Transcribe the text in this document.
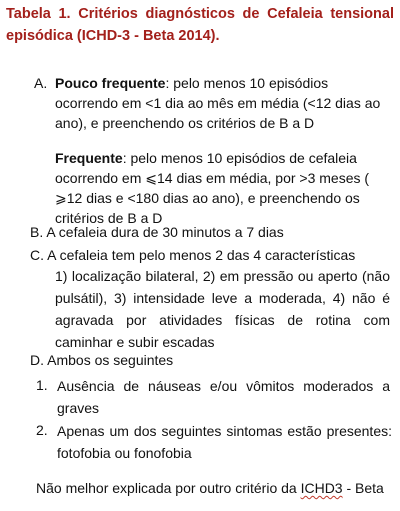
Tabela 1. Critérios diagnósticos de Cefaleia tensional episódica (ICHD-3 - Beta 2014).
A. Pouco frequente: pelo menos 10 episódios ocorrendo em <1 dia ao mês em média (<12 dias ao ano), e preenchendo os critérios de B a D
Frequente: pelo menos 10 episódios de cefaleia ocorrendo em ⩽14 dias em média, por >3 meses ( ⩾12 dias e <180 dias ao ano), e preenchendo os critérios de B a D
B. A cefaleia dura de 30 minutos a 7 dias
C. A cefaleia tem pelo menos 2 das 4 características
1) localização bilateral, 2) em pressão ou aperto (não pulsátil), 3) intensidade leve a moderada, 4) não é agravada por atividades físicas de rotina com caminhar e subir escadas
D. Ambos os seguintes
1. Ausência de náuseas e/ou vômitos moderados a graves
2. Apenas um dos seguintes sintomas estão presentes: fotofobia ou fonofobia
Não melhor explicada por outro critério da ICHD3 - Beta
